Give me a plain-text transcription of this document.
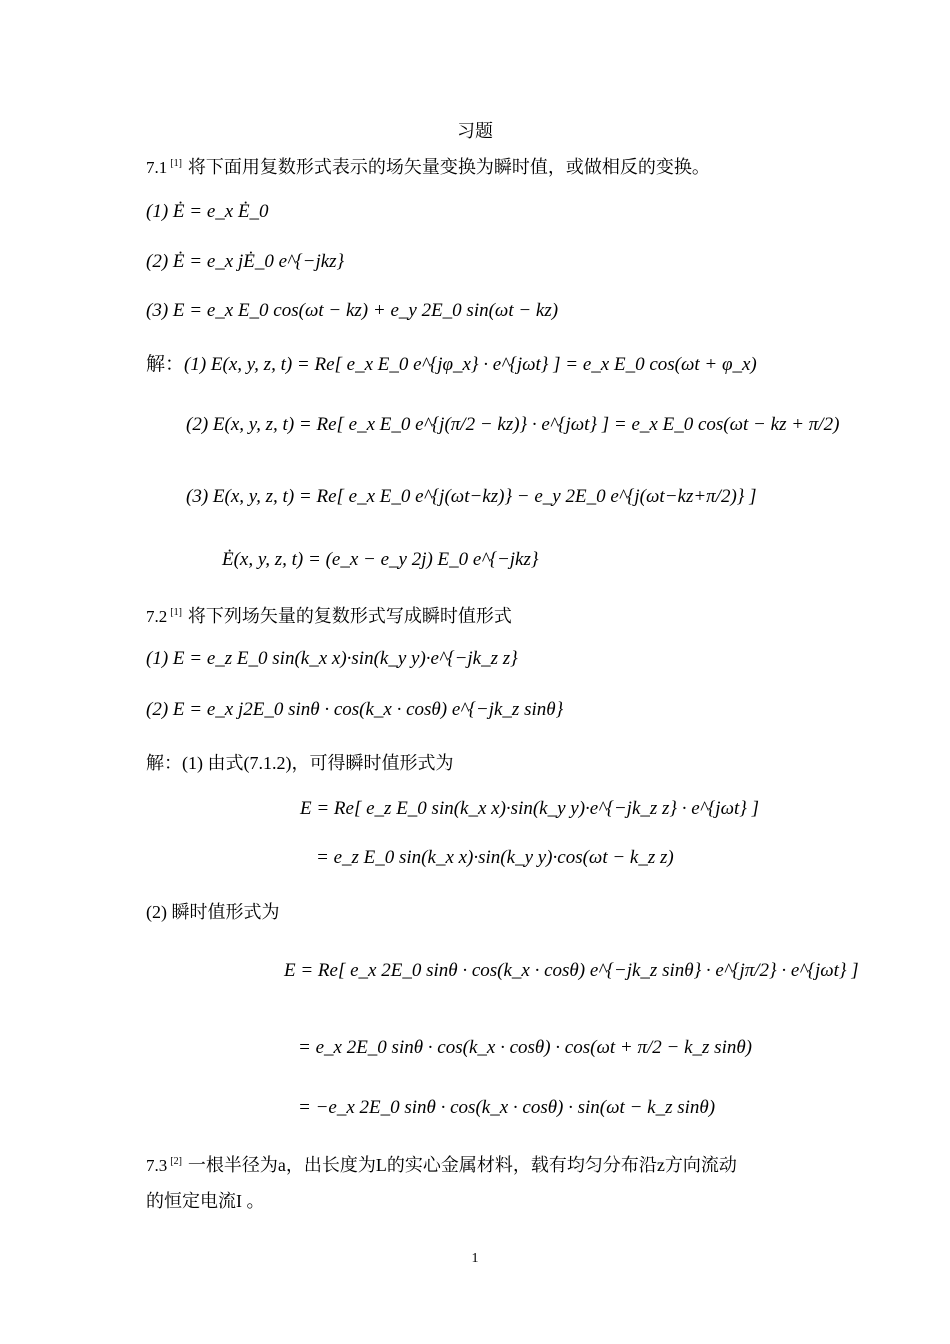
习题
7.1 [1] 将下面用复数形式表示的场矢量变换为瞬时值，或做相反的变换。
(1) Ė = e_x Ė_0
(2) Ė = e_x jĖ_0 e^{−jkz}
(3) E = e_x E_0 cos(ωt − kz) + e_y 2E_0 sin(ωt − kz)
解：(1) E(x, y, z, t) = Re[ e_x E_0 e^{jφ_x} · e^{jωt} ] = e_x E_0 cos(ωt + φ_x)
(2) E(x, y, z, t) = Re[ e_x E_0 e^{j(π/2 − kz)} · e^{jωt} ] = e_x E_0 cos(ωt − kz + π/2)
(3) E(x, y, z, t) = Re[ e_x E_0 e^{j(ωt−kz)} − e_y 2E_0 e^{j(ωt−kz+π/2)} ]
Ė(x, y, z, t) = (e_x − e_y 2j) E_0 e^{−jkz}
7.2 [1] 将下列场矢量的复数形式写成瞬时值形式
(1) E = e_z E_0 sin(k_x x)·sin(k_y y)·e^{−jk_z z}
(2) E = e_x j2E_0 sinθ · cos(k_x · cosθ) e^{−jk_z sinθ}
解：(1) 由式(7.1.2)，可得瞬时值形式为
E = Re[ e_z E_0 sin(k_x x)·sin(k_y y)·e^{−jk_z z} · e^{jωt} ]
= e_z E_0 sin(k_x x)·sin(k_y y)·cos(ωt − k_z z)
(2) 瞬时值形式为
E = Re[ e_x 2E_0 sinθ · cos(k_x · cosθ) e^{−jk_z sinθ} · e^{jπ/2} · e^{jωt} ]
= e_x 2E_0 sinθ · cos(k_x · cosθ) · cos(ωt + π/2 − k_z sinθ)
= −e_x 2E_0 sinθ · cos(k_x · cosθ) · sin(ωt − k_z sinθ)
7.3 [2] 一根半径为a，出长度为L的实心金属材料，载有均匀分布沿z方向流动
的恒定电流I 。
1
